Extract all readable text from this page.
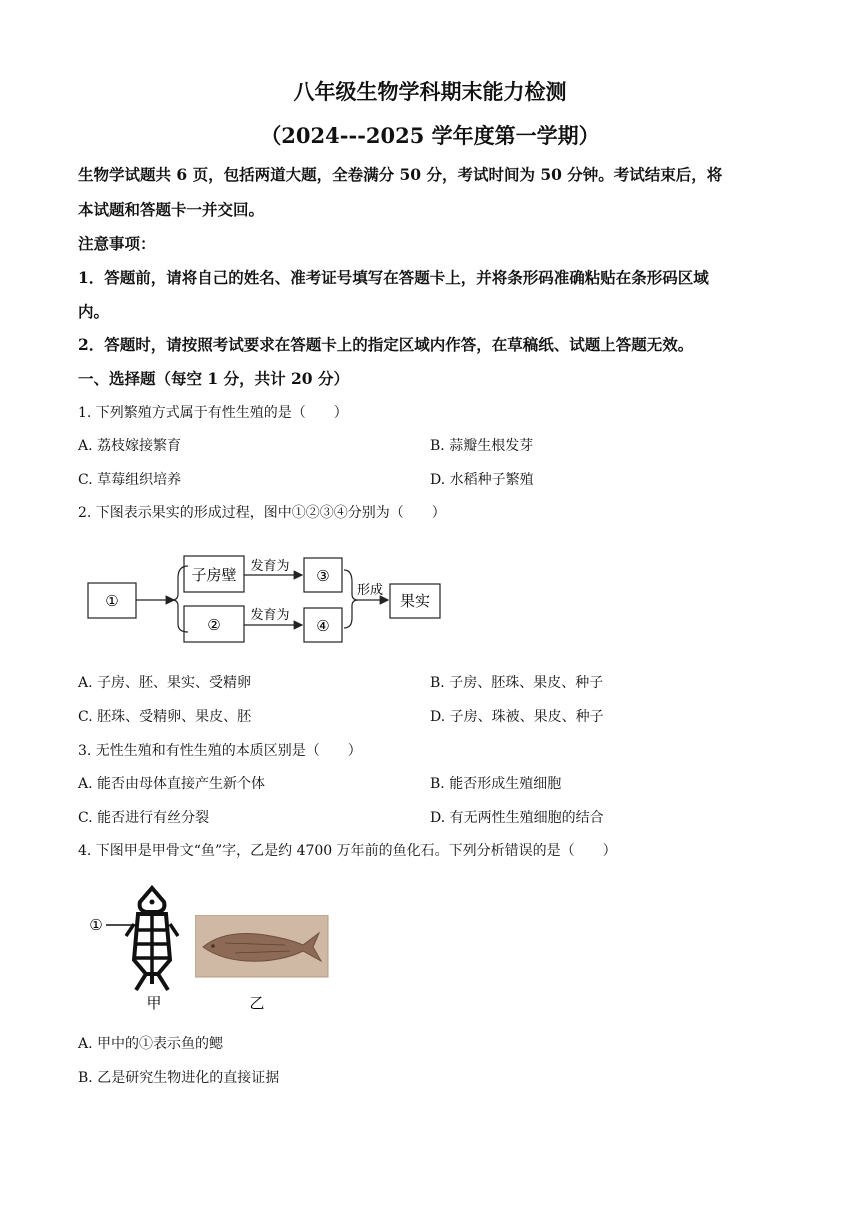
八年级生物学科期末能力检测
（2024---2025 学年度第一学期）
生物学试题共 6 页，包括两道大题，全卷满分 50 分，考试时间为 50 分钟。考试结束后，将
本试题和答题卡一并交回。
注意事项：
1．答题前，请将自己的姓名、准考证号填写在答题卡上，并将条形码准确粘贴在条形码区域
内。
2．答题时，请按照考试要求在答题卡上的指定区域内作答，在草稿纸、试题上答题无效。
一、选择题（每空 1 分，共计 20 分）
1. 下列繁殖方式属于有性生殖的是（　　）
A. 荔枝嫁接繁育	B. 蒜瓣生根发芽
C. 草莓组织培养	D. 水稻种子繁殖
2. 下图表示果实的形成过程，图中①②③④分别为（　　）
①
子房壁
②
发育为
发育为
③
④
形成
果实
A. 子房、胚、果实、受精卵	B. 子房、胚珠、果皮、种子
C. 胚珠、受精卵、果皮、胚	D. 子房、珠被、果皮、种子
3. 无性生殖和有性生殖的本质区别是（　　）
A. 能否由母体直接产生新个体	B. 能否形成生殖细胞
C. 能否进行有丝分裂	D. 有无两性生殖细胞的结合
4. 下图甲是甲骨文“鱼”字，乙是约 4700 万年前的鱼化石。下列分析错误的是（　　）
①
甲	乙
A. 甲中的①表示鱼的鳃
B. 乙是研究生物进化的直接证据
